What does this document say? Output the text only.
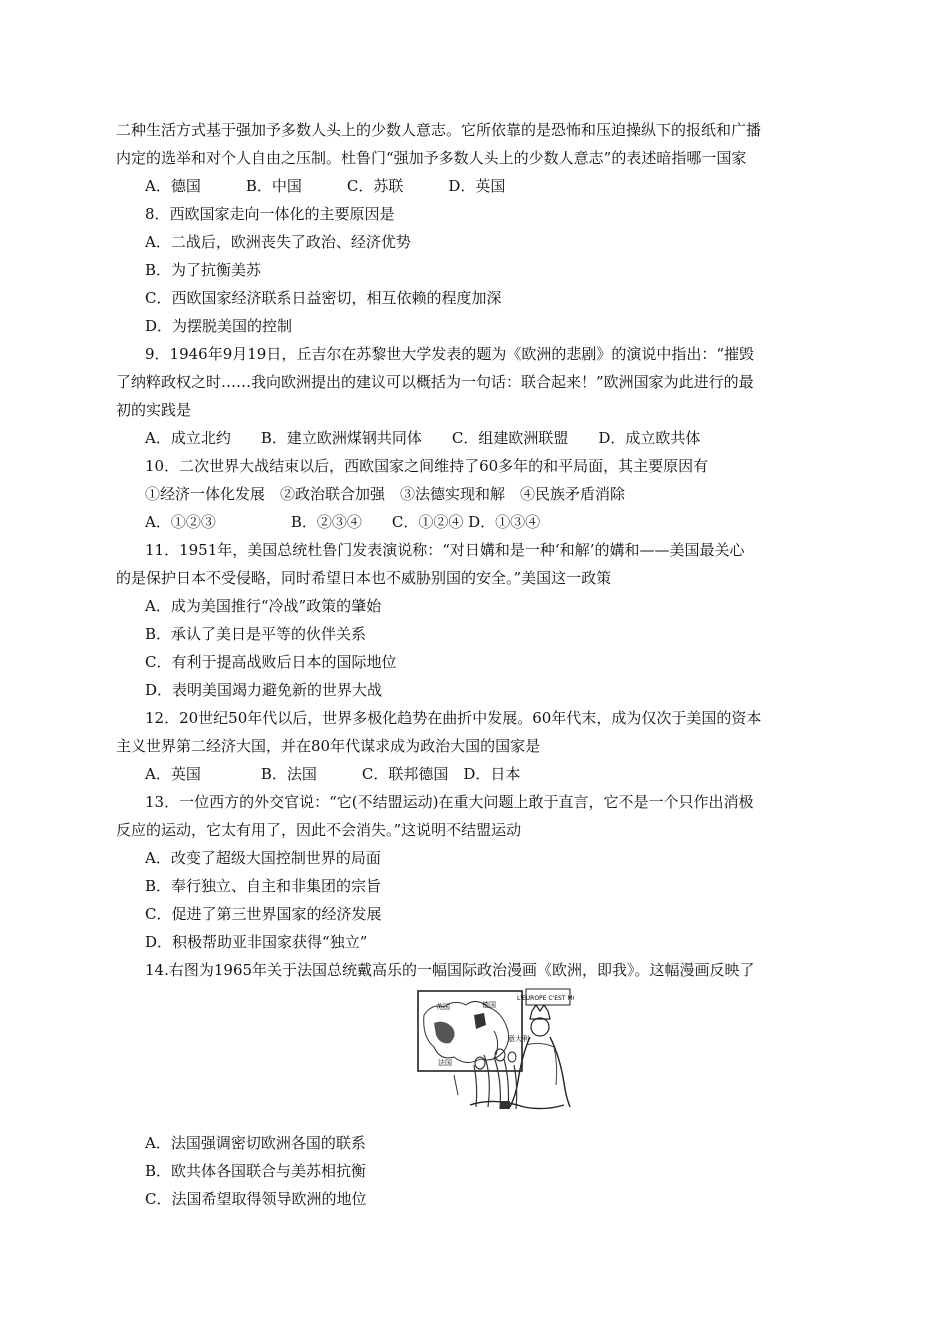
二种生活方式基于强加予多数人头上的少数人意志。它所依靠的是恐怖和压迫操纵下的报纸和广播
内定的选举和对个人自由之压制。杜鲁门“强加予多数人头上的少数人意志”的表述暗指哪一国家
A．德国　　　B．中国　　　C．苏联　　　D．英国
8．西欧国家走向一体化的主要原因是
A．二战后，欧洲丧失了政治、经济优势
B．为了抗衡美苏
C．西欧国家经济联系日益密切，相互依赖的程度加深
D．为摆脱美国的控制
9．1946年9月19日，丘吉尔在苏黎世大学发表的题为《欧洲的悲剧》的演说中指出：“摧毁
了纳粹政权之时……我向欧洲提出的建议可以概括为一句话：联合起来！”欧洲国家为此进行的最
初的实践是
A．成立北约　　B．建立欧洲煤钢共同体　　C．组建欧洲联盟　　D．成立欧共体
10．二次世界大战结束以后，西欧国家之间维持了60多年的和平局面，其主要原因有
①经济一体化发展　②政治联合加强　③法德实现和解　④民族矛盾消除
A．①②③　　　　　B．②③④　　C．①②④ D．①③④
11．1951年，美国总统杜鲁门发表演说称：“对日媾和是一种‘和解’的媾和——美国最关心
的是保护日本不受侵略，同时希望日本也不威胁别国的安全。”美国这一政策
A．成为美国推行“冷战”政策的肇始
B．承认了美日是平等的伙伴关系
C．有利于提高战败后日本的国际地位
D．表明美国竭力避免新的世界大战
12．20世纪50年代以后，世界多极化趋势在曲折中发展。60年代末，成为仅次于美国的资本
主义世界第二经济大国，并在80年代谋求成为政治大国的国家是
A．英国　　　　B．法国　　　C．联邦德国　D．日本
13．一位西方的外交官说：“它(不结盟运动)在重大问题上敢于直言，它不是一个只作出消极
反应的运动，它太有用了，因此不会消失。”这说明不结盟运动
A．改变了超级大国控制世界的局面
B．奉行独立、自主和非集团的宗旨
C．促进了第三世界国家的经济发展
D．积极帮助亚非国家获得“独立”
14.右图为1965年关于法国总统戴高乐的一幅国际政治漫画《欧洲，即我》。这幅漫画反映了
L'EUROPE C'EST MOI
英国	德国
法国
意大利
A．法国强调密切欧洲各国的联系
B．欧共体各国联合与美苏相抗衡
C．法国希望取得领导欧洲的地位
